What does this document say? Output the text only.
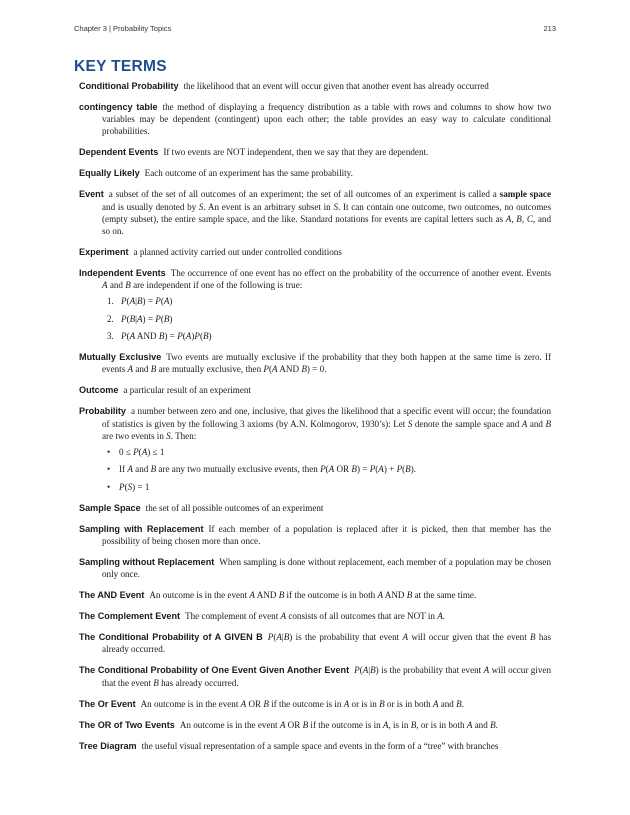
Chapter 3 | Probability Topics	213
KEY TERMS
Conditional Probability the likelihood that an event will occur given that another event has already occurred
contingency table the method of displaying a frequency distribution as a table with rows and columns to show how two variables may be dependent (contingent) upon each other; the table provides an easy way to calculate conditional probabilities.
Dependent Events If two events are NOT independent, then we say that they are dependent.
Equally Likely Each outcome of an experiment has the same probability.
Event a subset of the set of all outcomes of an experiment; the set of all outcomes of an experiment is called a sample space and is usually denoted by S. An event is an arbitrary subset in S. It can contain one outcome, two outcomes, no outcomes (empty subset), the entire sample space, and the like. Standard notations for events are capital letters such as A, B, C, and so on.
Experiment a planned activity carried out under controlled conditions
Independent Events The occurrence of one event has no effect on the probability of the occurrence of another event. Events A and B are independent if one of the following is true:
1. P(A|B) = P(A)
2. P(B|A) = P(B)
3. P(A AND B) = P(A)P(B)
Mutually Exclusive Two events are mutually exclusive if the probability that they both happen at the same time is zero. If events A and B are mutually exclusive, then P(A AND B) = 0.
Outcome a particular result of an experiment
Probability a number between zero and one, inclusive, that gives the likelihood that a specific event will occur; the foundation of statistics is given by the following 3 axioms (by A.N. Kolmogorov, 1930’s): Let S denote the sample space and A and B are two events in S. Then:
• 0 ≤ P(A) ≤ 1
• If A and B are any two mutually exclusive events, then P(A OR B) = P(A) + P(B).
• P(S) = 1
Sample Space the set of all possible outcomes of an experiment
Sampling with Replacement If each member of a population is replaced after it is picked, then that member has the possibility of being chosen more than once.
Sampling without Replacement When sampling is done without replacement, each member of a population may be chosen only once.
The AND Event An outcome is in the event A AND B if the outcome is in both A AND B at the same time.
The Complement Event The complement of event A consists of all outcomes that are NOT in A.
The Conditional Probability of A GIVEN B P(A|B) is the probability that event A will occur given that the event B has already occurred.
The Conditional Probability of One Event Given Another Event P(A|B) is the probability that event A will occur given that the event B has already occurred.
The Or Event An outcome is in the event A OR B if the outcome is in A or is in B or is in both A and B.
The OR of Two Events An outcome is in the event A OR B if the outcome is in A, is in B, or is in both A and B.
Tree Diagram the useful visual representation of a sample space and events in the form of a “tree” with branches
